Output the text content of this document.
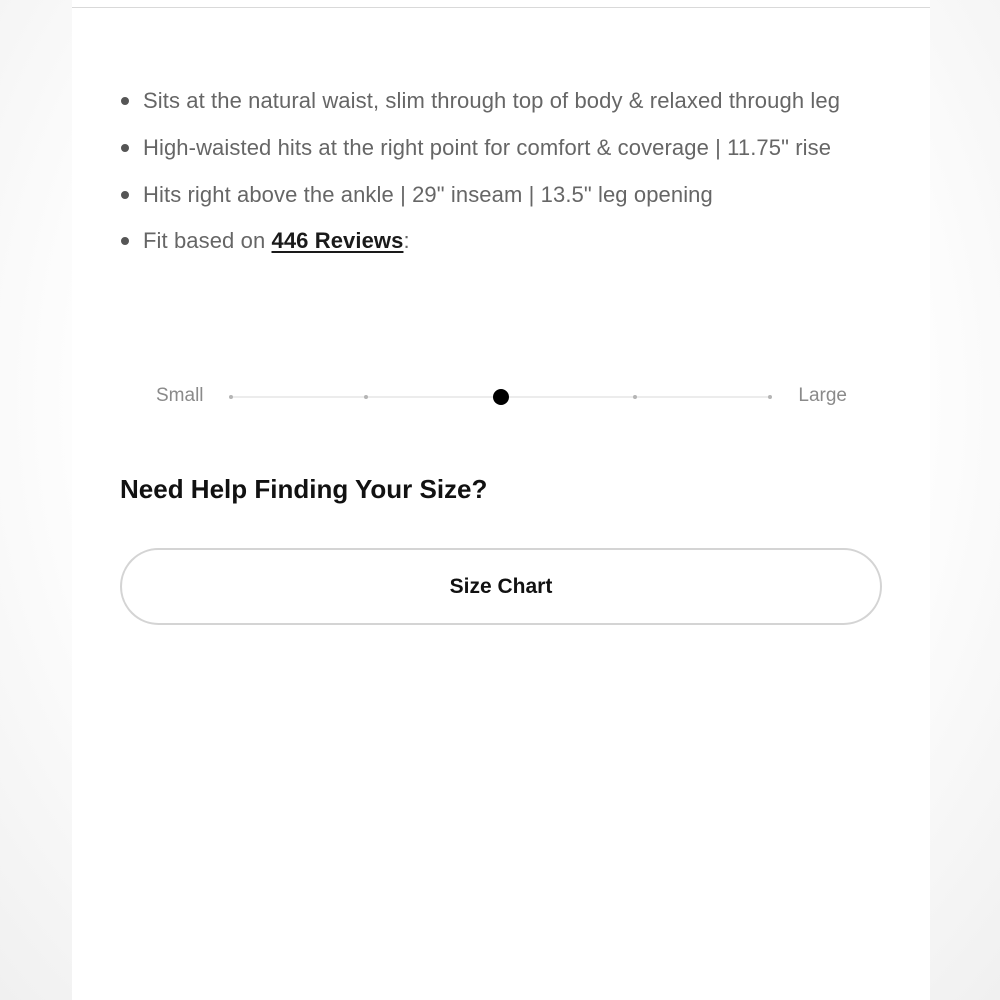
Sits at the natural waist, slim through top of body & relaxed through leg
High-waisted hits at the right point for comfort & coverage | 11.75" rise
Hits right above the ankle | 29" inseam | 13.5" leg opening
Fit based on 446 Reviews:
Small	Large
Need Help Finding Your Size?
Size Chart
